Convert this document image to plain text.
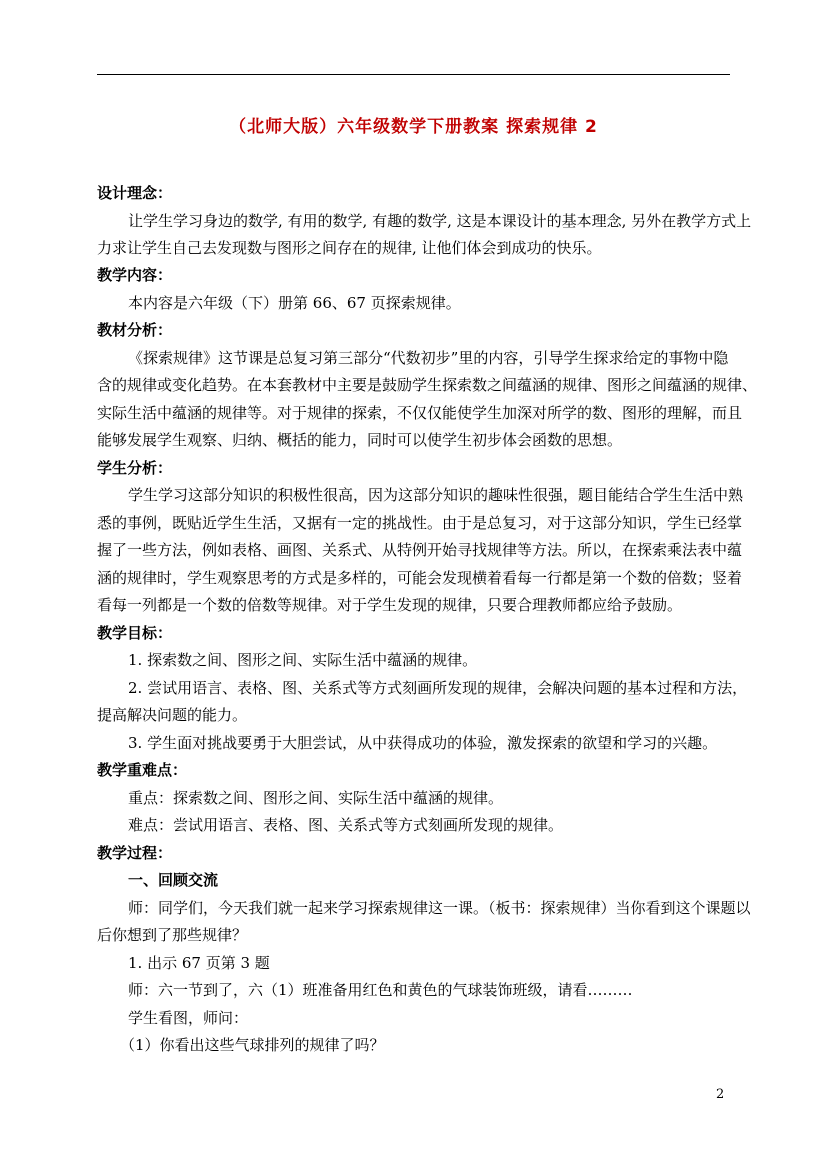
（北师大版）六年级数学下册教案 探索规律 2
设计理念：
让学生学习身边的数学, 有用的数学, 有趣的数学, 这是本课设计的基本理念, 另外在教学方式上
力求让学生自己去发现数与图形之间存在的规律, 让他们体会到成功的快乐。
教学内容：
本内容是六年级（下）册第 66、67 页探索规律。
教材分析：
《探索规律》这节课是总复习第三部分“代数初步”里的内容，引导学生探求给定的事物中隐
含的规律或变化趋势。在本套教材中主要是鼓励学生探索数之间蕴涵的规律、图形之间蕴涵的规律、
实际生活中蕴涵的规律等。对于规律的探索，不仅仅能使学生加深对所学的数、图形的理解，而且
能够发展学生观察、归纳、概括的能力，同时可以使学生初步体会函数的思想。
学生分析：
学生学习这部分知识的积极性很高，因为这部分知识的趣味性很强，题目能结合学生生活中熟
悉的事例，既贴近学生生活，又据有一定的挑战性。由于是总复习，对于这部分知识，学生已经掌
握了一些方法，例如表格、画图、关系式、从特例开始寻找规律等方法。所以，在探索乘法表中蕴
涵的规律时，学生观察思考的方式是多样的，可能会发现横着看每一行都是第一个数的倍数；竖着
看每一列都是一个数的倍数等规律。对于学生发现的规律，只要合理教师都应给予鼓励。
教学目标：
1. 探索数之间、图形之间、实际生活中蕴涵的规律。
2. 尝试用语言、表格、图、关系式等方式刻画所发现的规律，会解决问题的基本过程和方法，
提高解决问题的能力。
3. 学生面对挑战要勇于大胆尝试，从中获得成功的体验，激发探索的欲望和学习的兴趣。
教学重难点：
重点：探索数之间、图形之间、实际生活中蕴涵的规律。
难点：尝试用语言、表格、图、关系式等方式刻画所发现的规律。
教学过程：
一、回顾交流
师：同学们，今天我们就一起来学习探索规律这一课。（板书：探索规律）当你看到这个课题以
后你想到了那些规律？
1. 出示 67 页第 3 题
师：六一节到了，六（1）班准备用红色和黄色的气球装饰班级，请看………
学生看图，师问：
（1）你看出这些气球排列的规律了吗？
2
